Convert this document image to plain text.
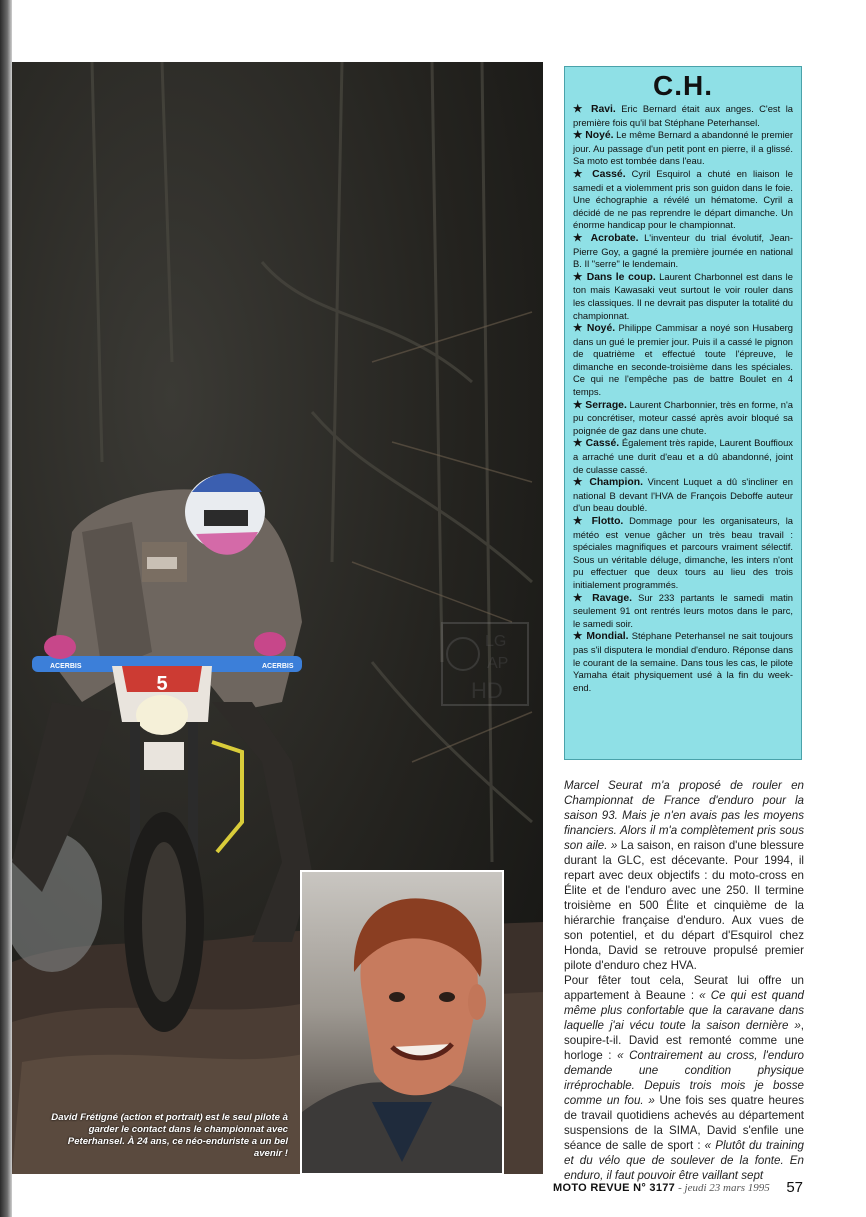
5
ACERBIS	ACERBIS
David Frétigné (action et portrait) est le seul pilote à garder le contact dans le championnat avec Peterhansel. À 24 ans, ce néo-enduriste a un bel avenir !
LG
AP
HD
C.H.

★ Ravi. Eric Bernard était aux anges. C'est la première fois qu'il bat Stéphane Peterhansel.

★ Noyé. Le même Bernard a abandonné le premier jour. Au passage d'un petit pont en pierre, il a glissé. Sa moto est tombée dans l'eau.

★ Cassé. Cyril Esquirol a chuté en liaison le samedi et a violemment pris son guidon dans le foie. Une échographie a révélé un hématome. Cyril a décidé de ne pas reprendre le départ dimanche. Un énorme handicap pour le championnat.

★ Acrobate. L'inventeur du trial évolutif, Jean-Pierre Goy, a gagné la première journée en national B. Il "serre" le lendemain.

★ Dans le coup. Laurent Charbonnel est dans le ton mais Kawasaki veut surtout le voir rouler dans les classiques. Il ne devrait pas disputer la totalité du championnat.

★ Noyé. Philippe Cammisar a noyé son Husaberg dans un gué le premier jour. Puis il a cassé le pignon de quatrième et effectué toute l'épreuve, le dimanche en seconde-troisième dans les spéciales. Ce qui ne l'empêche pas de battre Boulet en 4 temps.

★ Serrage. Laurent Charbonnier, très en forme, n'a pu concrétiser, moteur cassé après avoir bloqué sa poignée de gaz dans une chute.

★ Cassé. Également très rapide, Laurent Bouffioux a arraché une durit d'eau et a dû abandonné, joint de culasse cassé.

★ Champion. Vincent Luquet a dû s'incliner en national B devant l'HVA de François Deboffe auteur d'un beau doublé.

★ Flotto. Dommage pour les organisateurs, la météo est venue gâcher un très beau travail : spéciales magnifiques et parcours vraiment sélectif. Sous un véritable déluge, dimanche, les inters n'ont pu effectuer que deux tours au lieu des trois initialement programmés.

★ Ravage. Sur 233 partants le samedi matin seulement 91 ont rentrés leurs motos dans le parc, le samedi soir.

★ Mondial. Stéphane Peterhansel ne sait toujours pas s'il disputera le mondial d'enduro. Réponse dans le courant de la semaine. Dans tous les cas, le pilote Yamaha était physiquement usé à la fin du week-end.

Marcel Seurat m'a proposé de rouler en Championnat de France d'enduro pour la saison 93. Mais je n'en avais pas les moyens financiers. Alors il m'a complètement pris sous son aile. » La saison, en raison d'une blessure durant la GLC, est décevante. Pour 1994, il repart avec deux objectifs : du moto-cross en Élite et de l'enduro avec une 250. Il termine troisième en 500 Élite et cinquième de la hiérarchie française d'enduro. Aux vues de son potentiel, et du départ d'Esquirol chez Honda, David se retrouve propulsé premier pilote d'enduro chez HVA.

Pour fêter tout cela, Seurat lui offre un appartement à Beaune : « Ce qui est quand même plus confortable que la caravane dans laquelle j'ai vécu toute la saison dernière », soupire-t-il. David est remonté comme une horloge : « Contrairement au cross, l'enduro demande une condition physique irréprochable. Depuis trois mois je bosse comme un fou. » Une fois ses quatre heures de travail quotidiens achevés au département suspensions de la SIMA, David s'enfile une séance de salle de sport : « Plutôt du training et du vélo que de soulever de la fonte. En enduro, il faut pouvoir être vaillant sept

MOTO REVUE N° 3177 - jeudi 23 mars 1995 57
